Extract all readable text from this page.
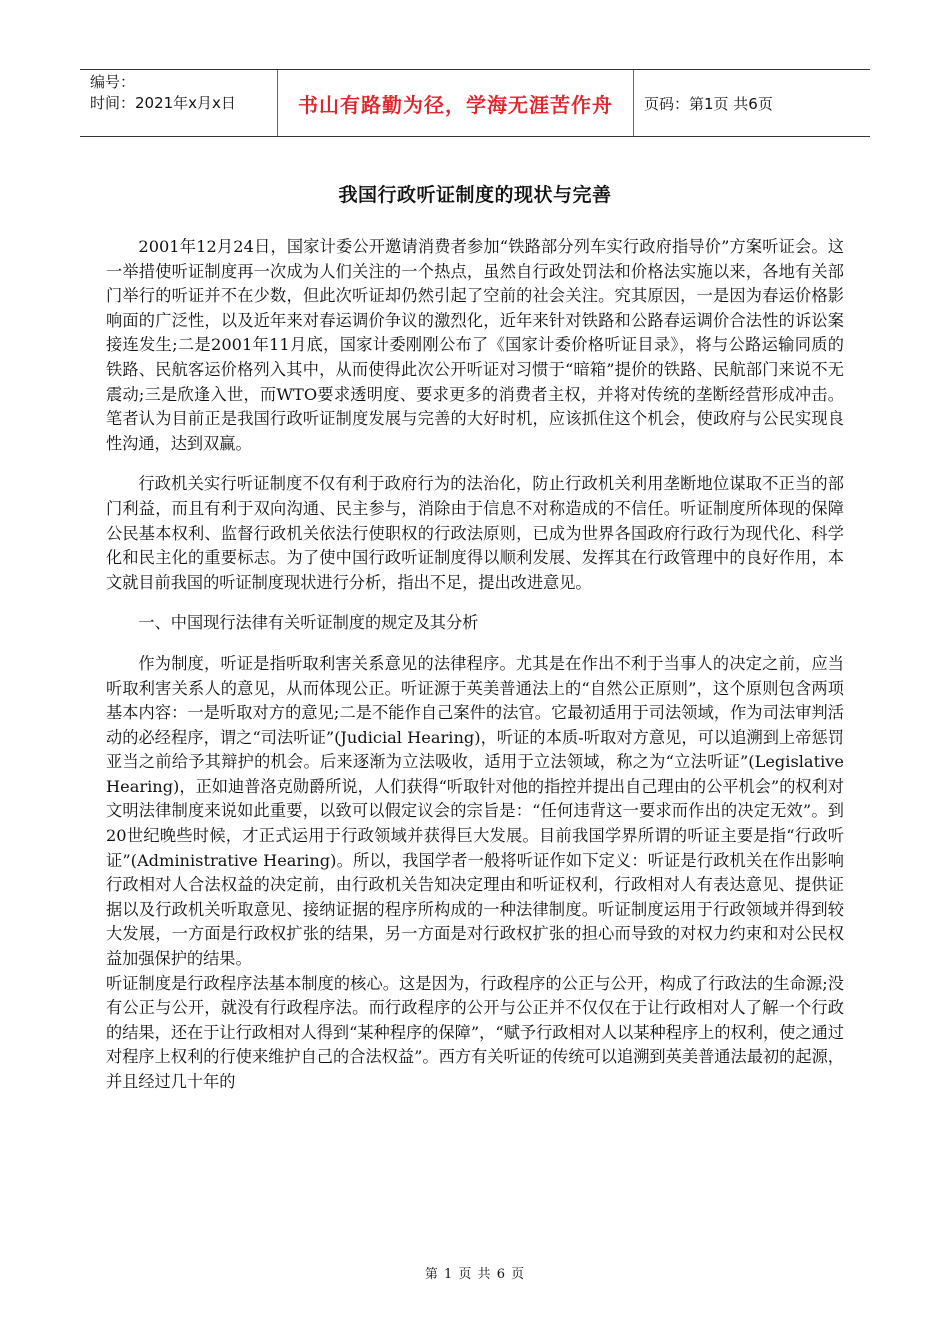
编号：
时间：2021年x月x日	书山有路勤为径，学海无涯苦作舟	页码：第1页 共6页
我国行政听证制度的现状与完善

2001年12月24日，国家计委公开邀请消费者参加“铁路部分列车实行政府指导价”方案听证会。这一举措使听证制度再一次成为人们关注的一个热点，虽然自行政处罚法和价格法实施以来，各地有关部门举行的听证并不在少数，但此次听证却仍然引起了空前的社会关注。究其原因，一是因为春运价格影响面的广泛性，以及近年来对春运调价争议的激烈化，近年来针对铁路和公路春运调价合法性的诉讼案接连发生;二是2001年11月底，国家计委刚刚公布了《国家计委价格听证目录》，将与公路运输同质的铁路、民航客运价格列入其中，从而使得此次公开听证对习惯于“暗箱”提价的铁路、民航部门来说不无震动;三是欣逢入世，而WTO要求透明度、要求更多的消费者主权，并将对传统的垄断经营形成冲击。笔者认为目前正是我国行政听证制度发展与完善的大好时机，应该抓住这个机会，使政府与公民实现良性沟通，达到双赢。

行政机关实行听证制度不仅有利于政府行为的法治化，防止行政机关利用垄断地位谋取不正当的部门利益，而且有利于双向沟通、民主参与，消除由于信息不对称造成的不信任。听证制度所体现的保障公民基本权利、监督行政机关依法行使职权的行政法原则，已成为世界各国政府行政行为现代化、科学化和民主化的重要标志。为了使中国行政听证制度得以顺利发展、发挥其在行政管理中的良好作用，本文就目前我国的听证制度现状进行分析，指出不足，提出改进意见。

一、中国现行法律有关听证制度的规定及其分析

作为制度，听证是指听取利害关系意见的法律程序。尤其是在作出不利于当事人的决定之前，应当听取利害关系人的意见，从而体现公正。听证源于英美普通法上的“自然公正原则”，这个原则包含两项基本内容：一是听取对方的意见;二是不能作自己案件的法官。它最初适用于司法领域，作为司法审判活动的必经程序，谓之“司法听证”(Judicial Hearing)，听证的本质-听取对方意见，可以追溯到上帝惩罚亚当之前给予其辩护的机会。后来逐渐为立法吸收，适用于立法领域，称之为“立法听证”(Legislative Hearing)，正如迪普洛克勋爵所说，人们获得“听取针对他的指控并提出自己理由的公平机会”的权利对文明法律制度来说如此重要，以致可以假定议会的宗旨是：“任何违背这一要求而作出的决定无效”。到20世纪晚些时候，才正式运用于行政领域并获得巨大发展。目前我国学界所谓的听证主要是指“行政听证”(Administrative Hearing)。所以，我国学者一般将听证作如下定义：听证是行政机关在作出影响行政相对人合法权益的决定前，由行政机关告知决定理由和听证权利，行政相对人有表达意见、提供证据以及行政机关听取意见、接纳证据的程序所构成的一种法律制度。听证制度运用于行政领域并得到较大发展，一方面是行政权扩张的结果，另一方面是对行政权扩张的担心而导致的对权力约束和对公民权益加强保护的结果。

听证制度是行政程序法基本制度的核心。这是因为，行政程序的公正与公开，构成了行政法的生命源;没有公正与公开，就没有行政程序法。而行政程序的公开与公正并不仅仅在于让行政相对人了解一个行政的结果，还在于让行政相对人得到“某种程序的保障”，“赋予行政相对人以某种程序上的权利，使之通过对程序上权利的行使来维护自己的合法权益”。西方有关听证的传统可以追溯到英美普通法最初的起源，并且经过几十年的

第 1 页 共 6 页
